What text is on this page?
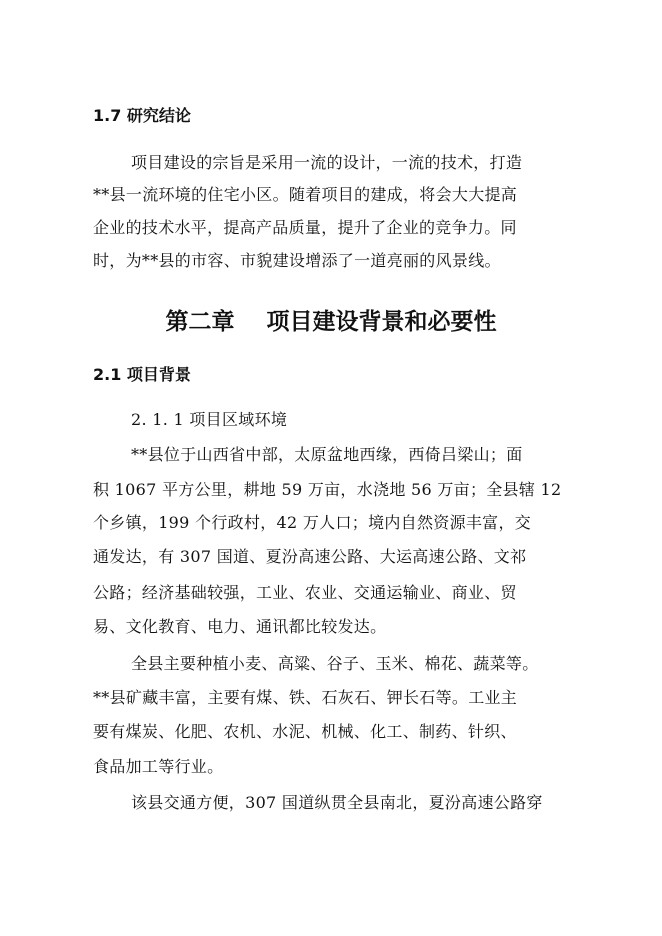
1.7 研究结论
项目建设的宗旨是采用一流的设计，一流的技术，打造
**县一流环境的住宅小区。随着项目的建成，将会大大提高
企业的技术水平，提高产品质量，提升了企业的竞争力。同
时，为**县的市容、市貌建设增添了一道亮丽的风景线。
第二章    项目建设背景和必要性
2.1 项目背景
2. 1. 1 项目区域环境
**县位于山西省中部，太原盆地西缘，西倚吕梁山；面
积 1067 平方公里，耕地 59 万亩，水浇地 56 万亩；全县辖 12
个乡镇，199 个行政村，42 万人口；境内自然资源丰富，交
通发达，有 307 国道、夏汾高速公路、大运高速公路、文祁
公路；经济基础较强，工业、农业、交通运输业、商业、贸
易、文化教育、电力、通讯都比较发达。
全县主要种植小麦、高粱、谷子、玉米、棉花、蔬菜等。
**县矿藏丰富，主要有煤、铁、石灰石、钾长石等。工业主
要有煤炭、化肥、农机、水泥、机械、化工、制药、针织、
食品加工等行业。
该县交通方便，307 国道纵贯全县南北，夏汾高速公路穿
